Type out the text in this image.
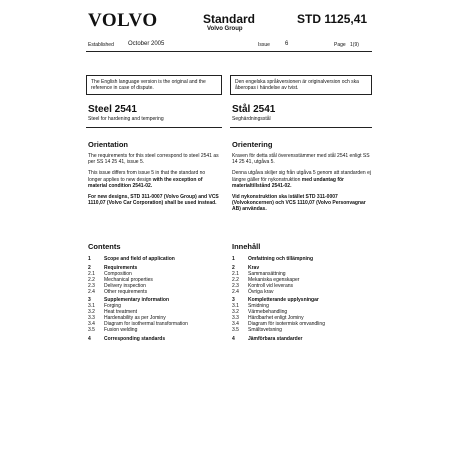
VOLVO	Standard
Volvo Group
STD 1125,41
Established October 2005	Issue	6	Page 1(9)
The English language version is the original and the reference in case of dispute.
Den engelska språkversionen är originalversion och ska åberopas i händelse av tvist.
Steel 2541
Steel for hardening and tempering
Stål 2541
Seghärdningsstål
Orientation
The requirements for this steel correspond to steel 2541 as per SS 14 25 41, issue 5.
This issue differs from issue 5 in that the standard no longer applies to new design with the exception of material condition 2541-02.
For new designs, STD 311-0007 (Volvo Group) and VCS 1110,07 (Volvo Car Corporation) shall be used instead.
Orientering
Kraven för detta stål överensstämmer med stål 2541 enligt SS 14 25 41, utgåva 5.
Denna utgåva skiljer sig från utgåva 5 genom att standarden ej längre gäller för nykonstruktion med undantag för materialtillstånd 2541-02.
Vid nykonstruktion ska istället STD 311-0007 (Volvokoncernen) och VCS 1110,07 (Volvo Personvagnar AB) användas.
Contents
1	Scope and field of application
2	Requirements
2.1	Composition
2.2	Mechanical properties
2.3	Delivery inspection
2.4	Other requirements
3	Supplementary information
3.1	Forging
3.2	Heat treatment
3.3	Hardenability as per Jominy
3.4	Diagram for isothermal transformation
3.5	Fusion welding
4	Corresponding standards
Innehåll
1	Omfattning och tillämpning
2	Krav
2.1	Sammansättning
2.2	Mekaniska egenskaper
2.3	Kontroll vid leverans
2.4	Övriga krav
3	Kompletterande upplysningar
3.1	Smidning
3.2	Värmebehandling
3.3	Härdbarhet enligt Jominy
3.4	Diagram för isotermisk omvandling
3.5	Smältsvetsning
4	Jämförbara standarder
